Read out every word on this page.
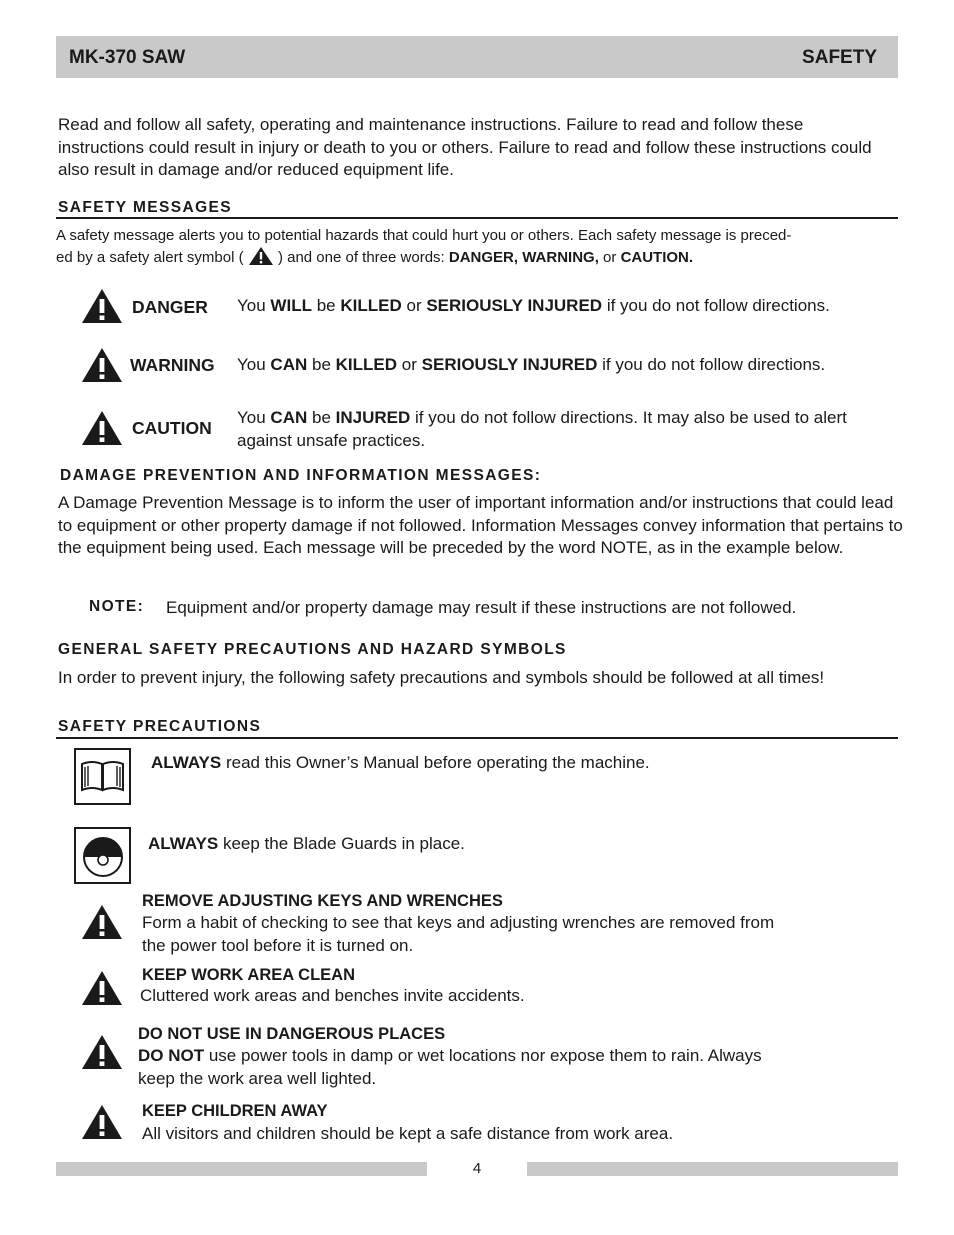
MK-370 SAW	SAFETY
Read and follow all safety, operating and maintenance instructions. Failure to read and follow these instructions could result in injury or death to you or others. Failure to read and follow these instructions could also result in damage and/or reduced equipment life.
SAFETY MESSAGES
A safety message alerts you to potential hazards that could hurt you or others. Each safety message is preced-
ed by a safety alert symbol ( ) and one of three words: DANGER, WARNING, or CAUTION.
DANGER You WILL be KILLED or SERIOUSLY INJURED if you do not follow directions.
WARNING You CAN be KILLED or SERIOUSLY INJURED if you do not follow directions.
CAUTION
You CAN be INJURED if you do not follow directions. It may also be used to alert
against unsafe practices.
DAMAGE PREVENTION AND INFORMATION MESSAGES:
A Damage Prevention Message is to inform the user of important information and/or instructions that could lead to equipment or other property damage if not followed. Information Messages convey information that pertains to the equipment being used. Each message will be preceded by the word NOTE, as in the example below.
NOTE: Equipment and/or property damage may result if these instructions are not followed.
GENERAL SAFETY PRECAUTIONS AND HAZARD SYMBOLS
In order to prevent injury, the following safety precautions and symbols should be followed at all times!
SAFETY PRECAUTIONS
ALWAYS read this Owner’s Manual before operating the machine.
ALWAYS keep the Blade Guards in place.
REMOVE ADJUSTING KEYS AND WRENCHES
Form a habit of checking to see that keys and adjusting wrenches are removed from
the power tool before it is turned on.
KEEP WORK AREA CLEAN
Cluttered work areas and benches invite accidents.
DO NOT USE IN DANGEROUS PLACES
DO NOT use power tools in damp or wet locations nor expose them to rain. Always
keep the work area well lighted.
KEEP CHILDREN AWAY
All visitors and children should be kept a safe distance from work area.
4
